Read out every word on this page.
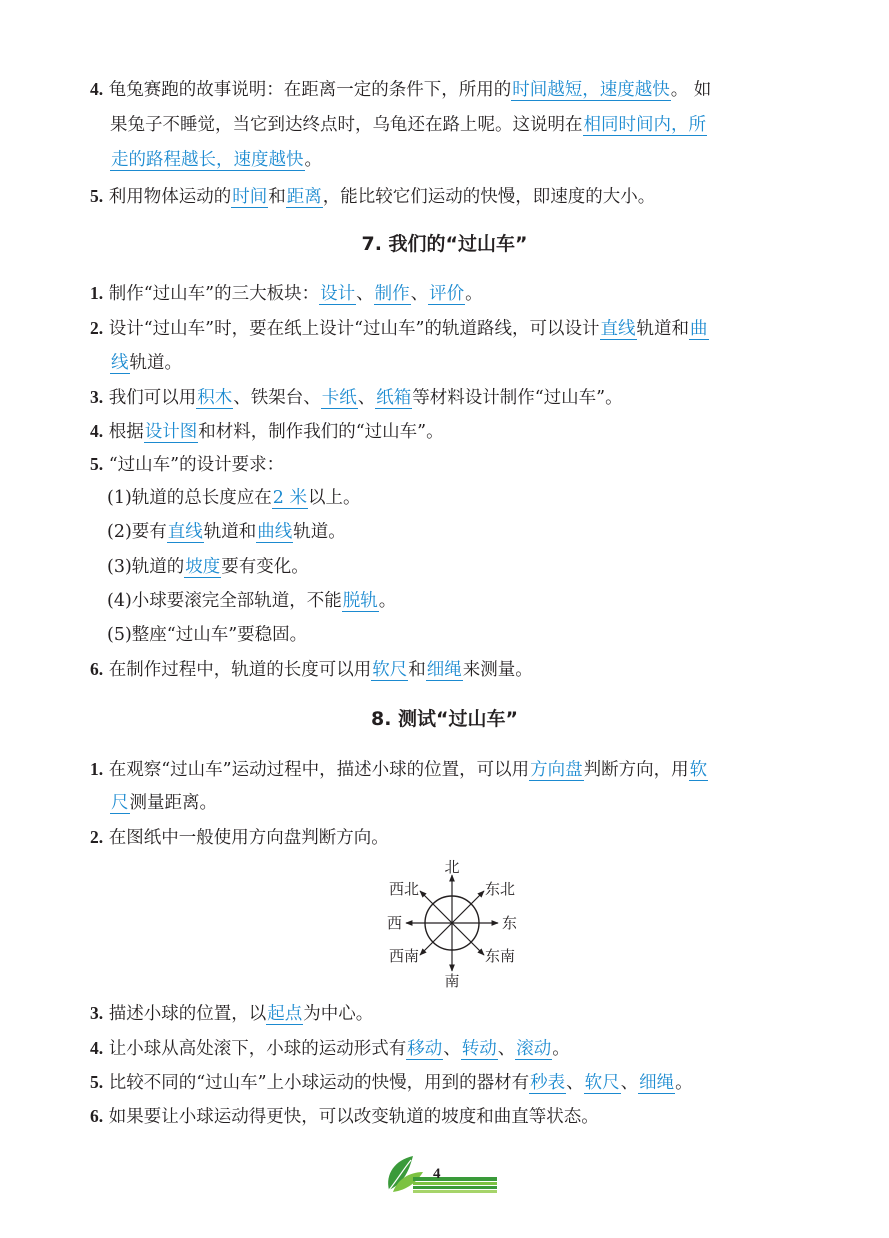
4. 龟兔赛跑的故事说明：在距离一定的条件下，所用的时间越短，速度越快。 如
果兔子不睡觉，当它到达终点时，乌龟还在路上呢。这说明在相同时间内，所
走的路程越长，速度越快。
5. 利用物体运动的时间和距离，能比较它们运动的快慢，即速度的大小。
7. 我们的“过山车”
1. 制作“过山车”的三大板块：设计、制作、评价。
2. 设计“过山车”时，要在纸上设计“过山车”的轨道路线，可以设计直线轨道和曲
线轨道。
3. 我们可以用积木、铁架台、卡纸、纸箱等材料设计制作“过山车”。
4. 根据设计图和材料，制作我们的“过山车”。
5. “过山车”的设计要求：
(1)轨道的总长度应在2 米以上。
(2)要有直线轨道和曲线轨道。
(3)轨道的坡度要有变化。
(4)小球要滚完全部轨道，不能脱轨。
(5)整座“过山车”要稳固。
6. 在制作过程中，轨道的长度可以用软尺和细绳来测量。
8. 测试“过山车”
1. 在观察“过山车”运动过程中，描述小球的位置，可以用方向盘判断方向，用软
尺测量距离。
2. 在图纸中一般使用方向盘判断方向。
北
南
东
西
东北
西北
东南
西南
3. 描述小球的位置，以起点为中心。
4. 让小球从高处滚下，小球的运动形式有移动、转动、滚动。
5. 比较不同的“过山车”上小球运动的快慢，用到的器材有秒表、软尺、细绳。
6. 如果要让小球运动得更快，可以改变轨道的坡度和曲直等状态。
4
